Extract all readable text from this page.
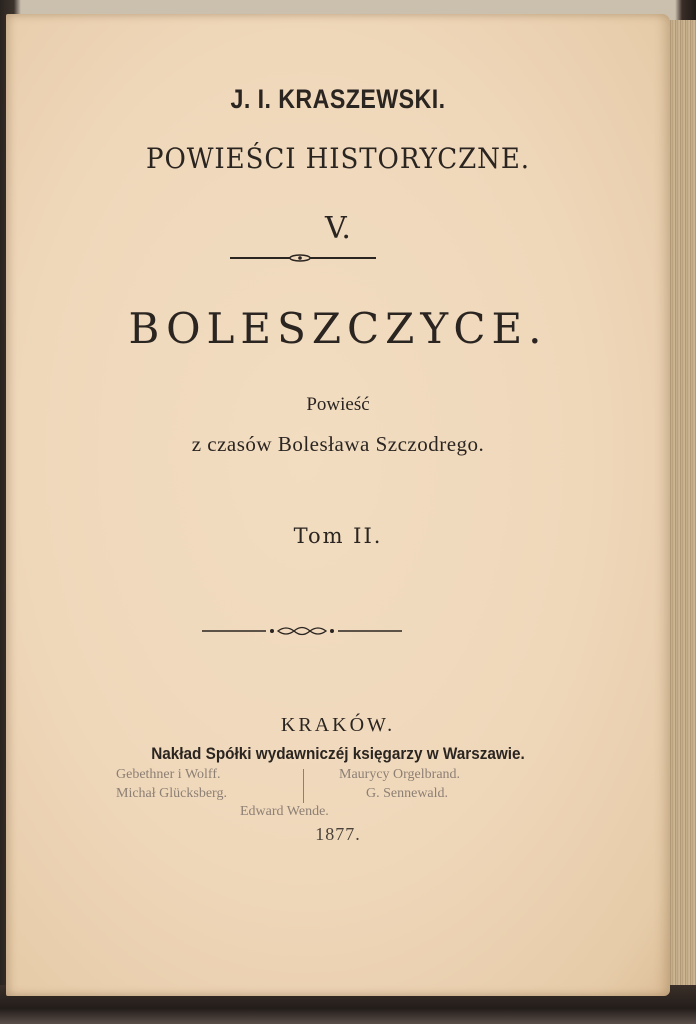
J. I. KRASZEWSKI.
POWIEŚCI HISTORYCZNE.
V.
BOLESZCZYCE.
Powieść
z czasów Bolesława Szczodrego.
Tom II.
KRAKÓW.
Nakład Spółki wydawniczéj księgarzy w Warszawie.
Gebethner i Wolff.
Michał Glücksberg.
Maurycy Orgelbrand.
G. Sennewald.
Edward Wende.
1877.
